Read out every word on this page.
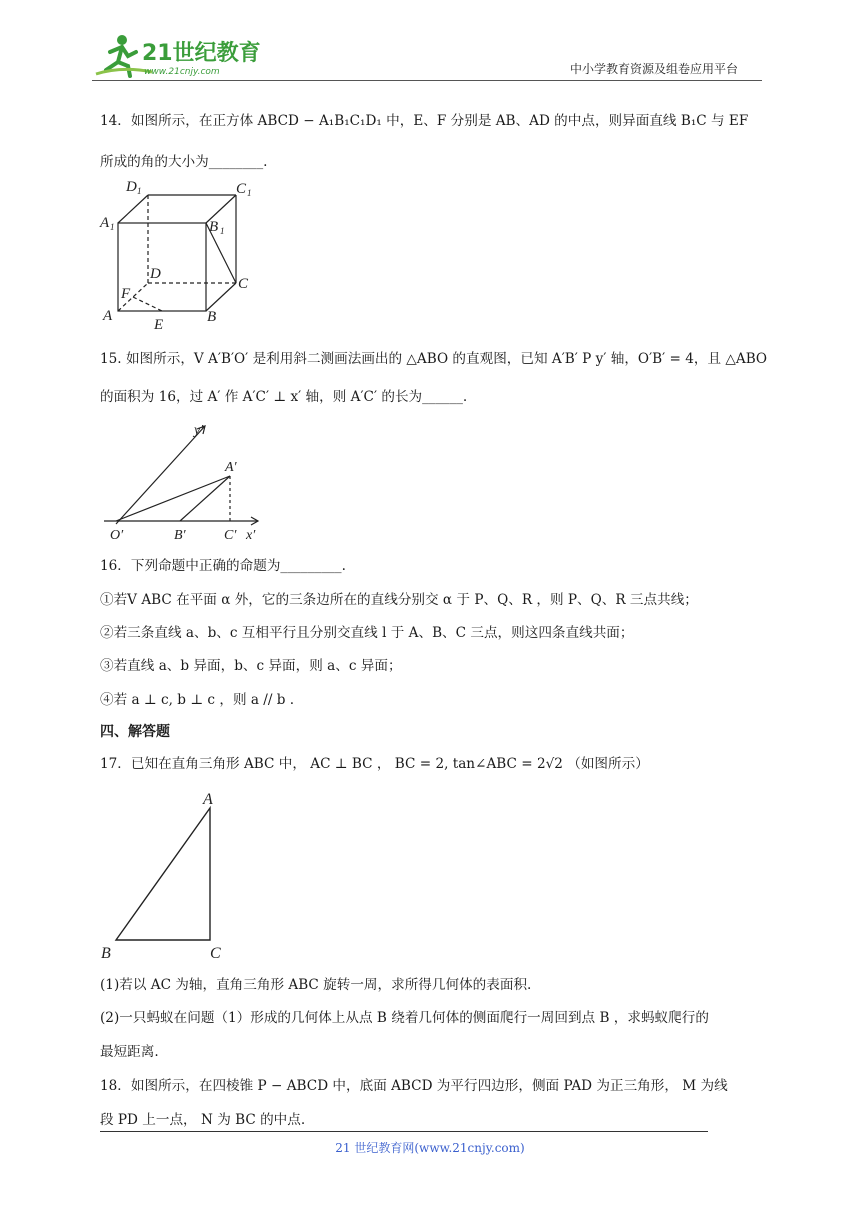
21世纪教育
www.21cnjy.com	中小学教育资源及组卷应用平台
14．如图所示，在正方体 ABCD − A₁B₁C₁D₁ 中，E、F 分别是 AB、AD 的中点，则异面直线 B₁C 与 EF
所成的角的大小为________.
D 1	C 1
A 1	B 1
D
C
F
A
E	B
15. 如图所示，V A′B′O′ 是利用斜二测画法画出的 △ABO 的直观图，已知 A′B′ P y′ 轴，O′B′ = 4，且 △ABO
的面积为 16，过 A′ 作 A′C′ ⊥ x′ 轴，则 A′C′ 的长为______.
y′
A′
O′	B′	C′ x′
16．下列命题中正确的命题为_________.
①若V ABC 在平面 α 外，它的三条边所在的直线分别交 α 于 P、Q、R ，则 P、Q、R 三点共线；
②若三条直线 a、b、c 互相平行且分别交直线 l 于 A、B、C 三点，则这四条直线共面；
③若直线 a、b 异面，b、c 异面，则 a、c 异面；
④若 a ⊥ c, b ⊥ c ，则 a // b .
四、解答题
17．已知在直角三角形 ABC 中， AC ⊥ BC ， BC = 2, tan∠ABC = 2√2 （如图所示）
A
B	C
(1)若以 AC 为轴，直角三角形 ABC 旋转一周，求所得几何体的表面积.
(2)一只蚂蚁在问题（1）形成的几何体上从点 B 绕着几何体的侧面爬行一周回到点 B ，求蚂蚁爬行的
最短距离.
18．如图所示，在四棱锥 P − ABCD 中，底面 ABCD 为平行四边形，侧面 PAD 为正三角形， M 为线
段 PD 上一点， N 为 BC 的中点.
21 世纪教育网(www.21cnjy.com)
